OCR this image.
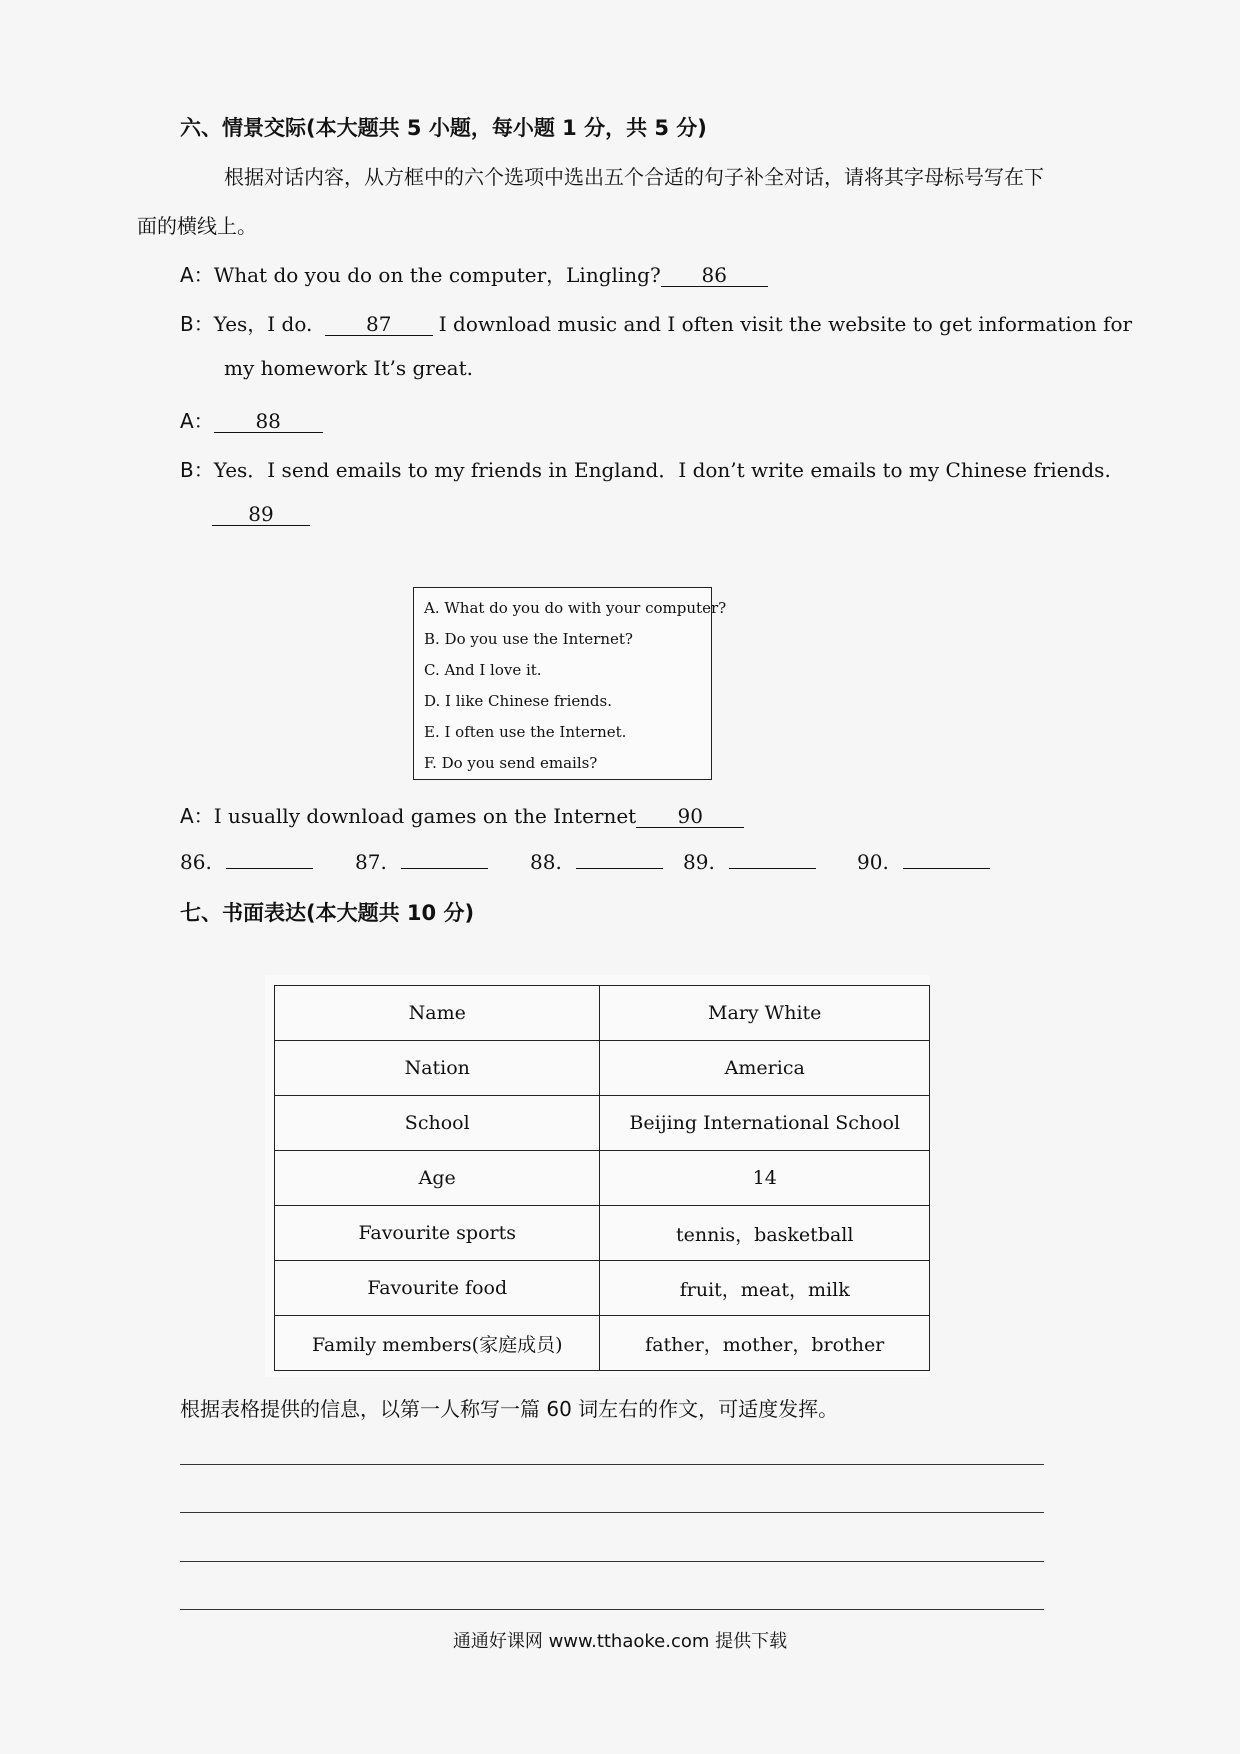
六、情景交际(本大题共 5 小题，每小题 1 分，共 5 分)
根据对话内容，从方框中的六个选项中选出五个合适的句子补全对话，请将其字母标号写在下
面的横线上。
A：What do you do on the computer，Lingling? 86
B：Yes，I do.	87 I download music and I often visit the website to get information for
my homework It’s great.
A： 88
B：Yes．I send emails to my friends in England．I don’t write emails to my Chinese friends.
89
A. What do you do with your computer?
B. Do you use the Internet?
C. And I love it.
D. I like Chinese friends.
E. I often use the Internet.
F. Do you send emails?
A：I usually download games on the Internet 90
86.	87.	88.	89.	90.
七、书面表达(本大题共 10 分)
Name	Mary White
Nation	America
School	Beijing International School
Age	14
Favourite sports	tennis，basketball
Favourite food	fruit，meat，milk
Family members(家庭成员)	father，mother，brother
根据表格提供的信息，以第一人称写一篇 60 词左右的作文，可适度发挥。
通通好课网 www.tthaoke.com 提供下载
